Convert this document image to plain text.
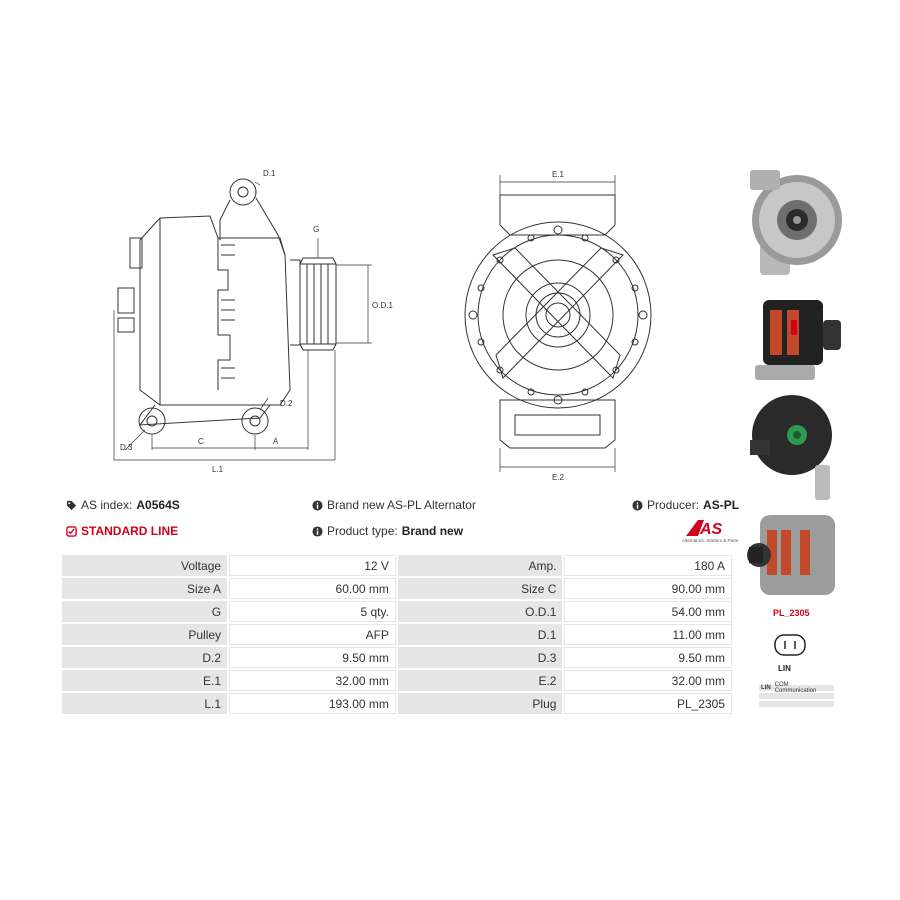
D.1
G
O.D.1
D.2
D.3
C	A
L.1
E.1
E.2
PL_2305
LIN
LIN COM Communication
AS index: A0564S
STANDARD LINE
Brand new AS-PL Alternator
Product type: Brand new
Producer: AS-PL
AS
Alternators, Starters & Parts
Voltage	12 V	Amp.	180 A
Size A	60.00 mm	Size C	90.00 mm
G	5 qty.	O.D.1	54.00 mm
Pulley	AFP	D.1	11.00 mm
D.2	9.50 mm	D.3	9.50 mm
E.1	32.00 mm	E.2	32.00 mm
L.1	193.00 mm	Plug	PL_2305
